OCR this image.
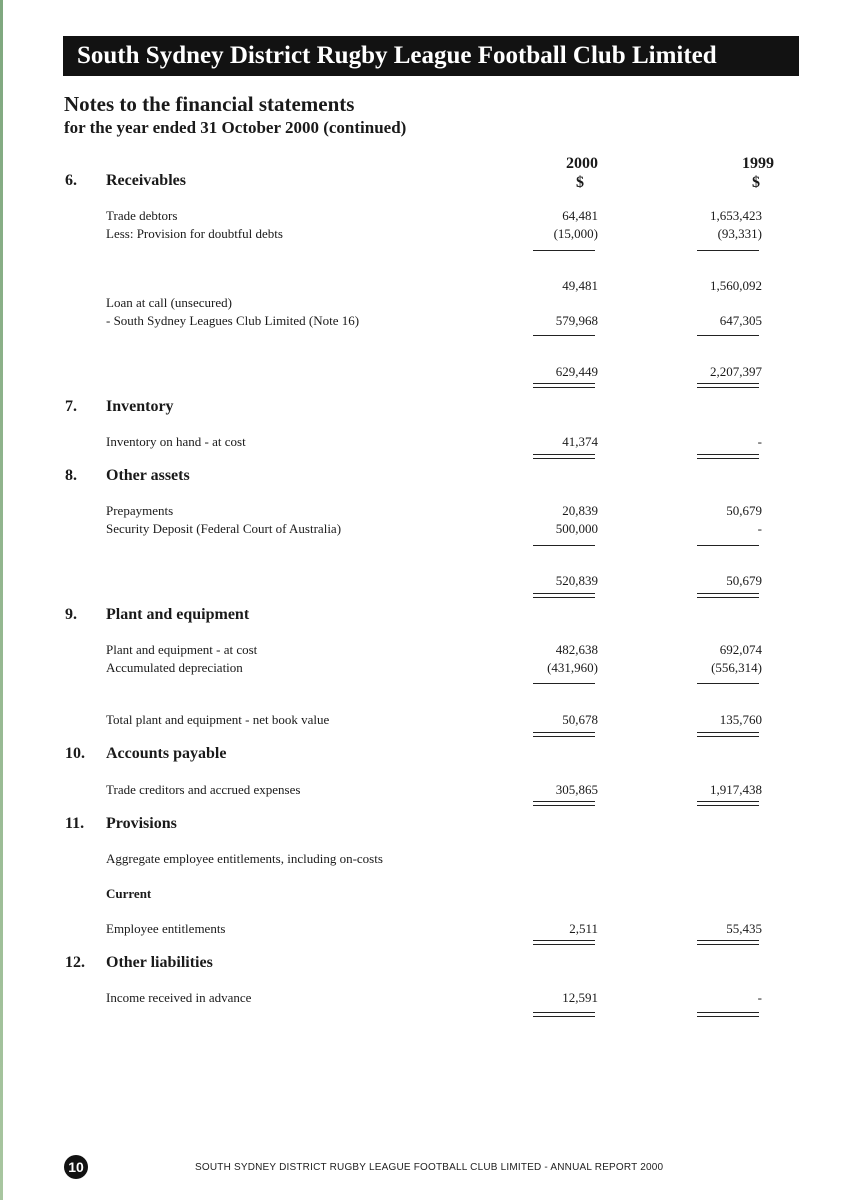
South Sydney District Rugby League Football Club Limited
Notes to the financial statements
for the year ended 31 October 2000 (continued)
2000
$
1999
$
6. Receivables
Trade debtors	64,481	1,653,423
Less: Provision for doubtful debts	(15,000)	(93,331)
49,481	1,560,092
Loan at call (unsecured)
- South Sydney Leagues Club Limited (Note 16)	579,968	647,305
629,449	2,207,397
7. Inventory
Inventory on hand - at cost	41,374	-
8. Other assets
Prepayments	20,839	50,679
Security Deposit (Federal Court of Australia)	500,000	-
520,839	50,679
9. Plant and equipment
Plant and equipment - at cost	482,638	692,074
Accumulated depreciation	(431,960)	(556,314)
Total plant and equipment - net book value	50,678	135,760
10. Accounts payable
Trade creditors and accrued expenses	305,865	1,917,438
11. Provisions
Aggregate employee entitlements, including on-costs
Current
Employee entitlements	2,511	55,435
12. Other liabilities
Income received in advance	12,591	-
10	SOUTH SYDNEY DISTRICT RUGBY LEAGUE FOOTBALL CLUB LIMITED - ANNUAL REPORT 2000
